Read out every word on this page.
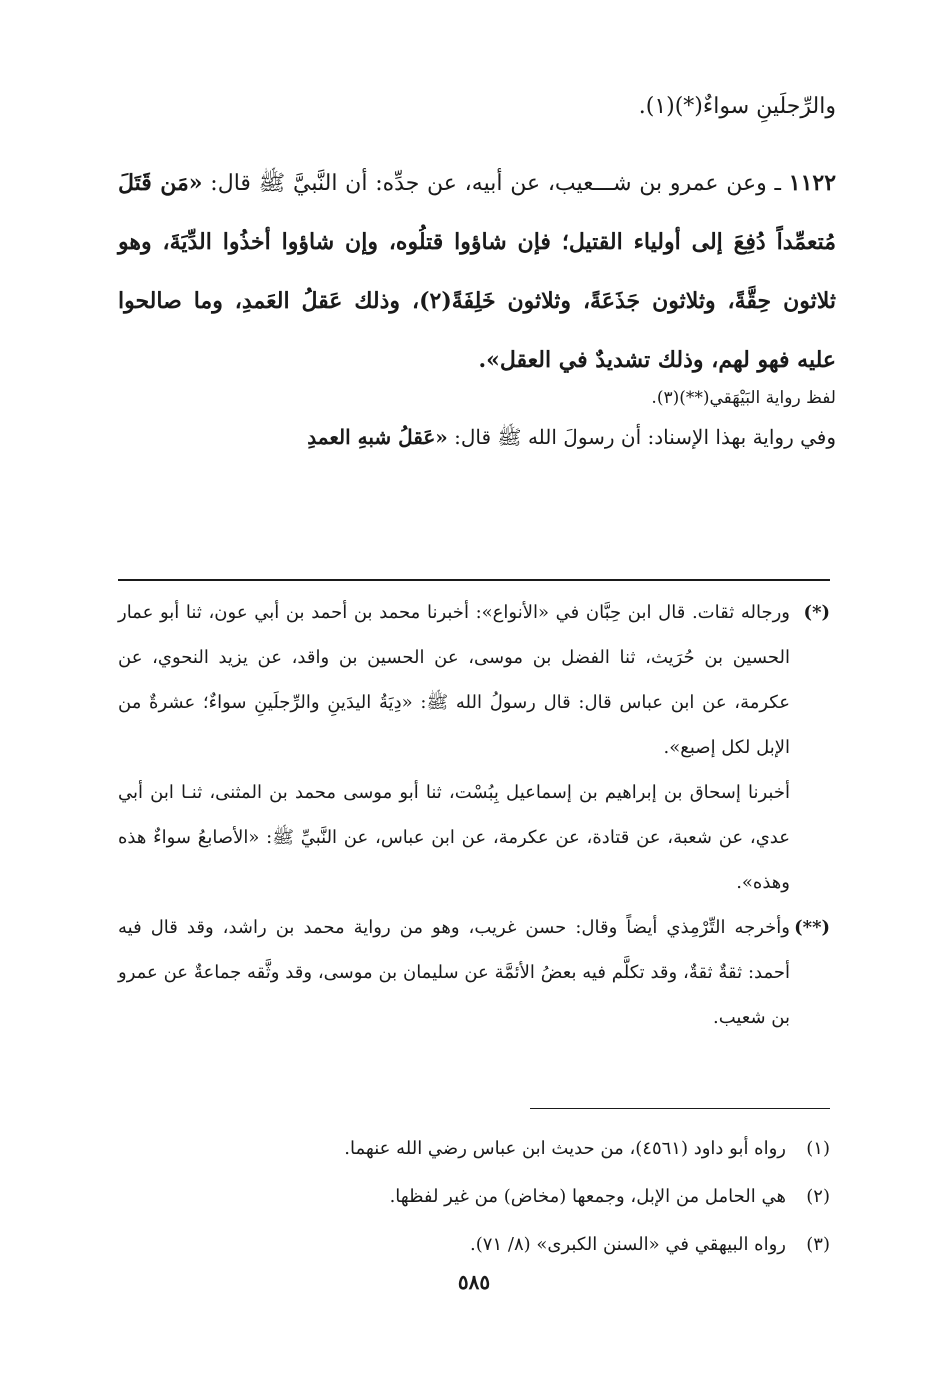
والرِّجلَينِ سواءٌ(*)(١).

١١٢٢ ـ وعن عمرو بن شـــعيب، عن أبيه، عن جدِّه: أن النَّبيَّ ﷺ قال: «مَن قَتَلَ مُتعمِّداً دُفِعَ إلى أولياء القتيل؛ فإن شاؤوا قتلُوه، وإن شاؤوا أخذُوا الدِّيَةَ، وهو ثلاثون حِقَّةً، وثلاثون جَذَعَةً، وثلاثون خَلِفَةً(٢)، وذلك عَقلُ العَمدِ، وما صالحوا عليه فهو لهم، وذلك تشديدٌ في العقل».

لفظ رواية البَيْهَقي(**)(٣).

وفي رواية بهذا الإسناد: أن رسولَ الله ﷺ قال: «عَقلُ شبهِ العمدِ

(*)
ورجاله ثقات. قال ابن حِبَّان في «الأنواع»: أخبرنا محمد بن أحمد بن أبي عون، ثنا أبو عمار الحسين بن حُرَيث، ثنا الفضل بن موسى، عن الحسين بن واقد، عن يزيد النحوي، عن عكرمة، عن ابن عباس قال: قال رسولُ الله ﷺ: «دِيَةُ اليدَينِ والرِّجلَينِ سواءٌ؛ عشرةٌ من الإبل لكل إصبع».
أخبرنا إسحاق بن إبراهيم بن إسماعيل بِبُسْت، ثنا أبو موسى محمد بن المثنى، ثنـا ابن أبي عدي، عن شعبة، عن قتادة، عن عكرمة، عن ابن عباس، عن النَّبيِّ ﷺ: «الأصابعُ سواءٌ هذه وهذه».
(**)
وأخرجه التِّرْمِذي أيضاً وقال: حسن غريب، وهو من رواية محمد بن راشد، وقد قال فيه أحمد: ثقةٌ ثقةٌ، وقد تكلَّم فيه بعضُ الأئمَّة عن سليمان بن موسى، وقد وثَّقه جماعةٌ عن عمرو بن شعيب.

(١)رواه أبو داود (٤٥٦١)، من حديث ابن عباس رضي الله عنهما.

(٢)هي الحامل من الإبل، وجمعها (مخاض) من غير لفظها.

(٣)رواه البيهقي في «السنن الكبرى» (٨/ ٧١).

٥٨٥
